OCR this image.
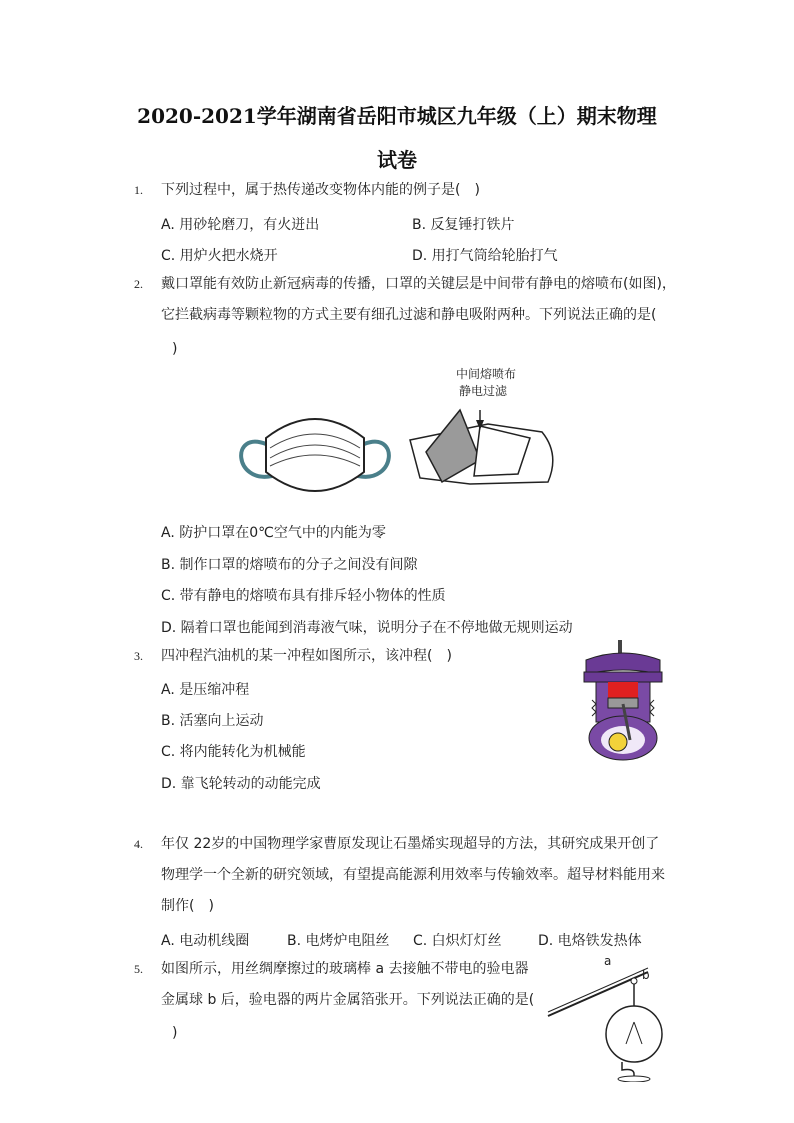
2020-2021学年湖南省岳阳市城区九年级（上）期末物理
试卷
1. 下列过程中，属于热传递改变物体内能的例子是(　)
A. 用砂轮磨刀，有火迸出	B. 反复锤打铁片
C. 用炉火把水烧开	D. 用打气筒给轮胎打气
2. 戴口罩能有效防止新冠病毒的传播，口罩的关键层是中间带有静电的熔喷布(如图)，
它拦截病毒等颗粒物的方式主要有细孔过滤和静电吸附两种。下列说法正确的是(
)
中间熔喷布
静电过滤
A. 防护口罩在0℃空气中的内能为零
B. 制作口罩的熔喷布的分子之间没有间隙
C. 带有静电的熔喷布具有排斥轻小物体的性质
D. 隔着口罩也能闻到消毒液气味，说明分子在不停地做无规则运动
3. 四冲程汽油机的某一冲程如图所示，该冲程(　)
A. 是压缩冲程
B. 活塞向上运动
C. 将内能转化为机械能
D. 靠飞轮转动的动能完成
4. 年仅 22岁的中国物理学家曹原发现让石墨烯实现超导的方法，其研究成果开创了
物理学一个全新的研究领域，有望提高能源利用效率与传输效率。超导材料能用来
制作(　)
A. 电动机线圈	B. 电烤炉电阻丝 C. 白炽灯灯丝	D. 电烙铁发热体
5. 如图所示，用丝绸摩擦过的玻璃棒 a 去接触不带电的验电器
金属球 b 后，验电器的两片金属箔张开。下列说法正确的是(
)
a
b
